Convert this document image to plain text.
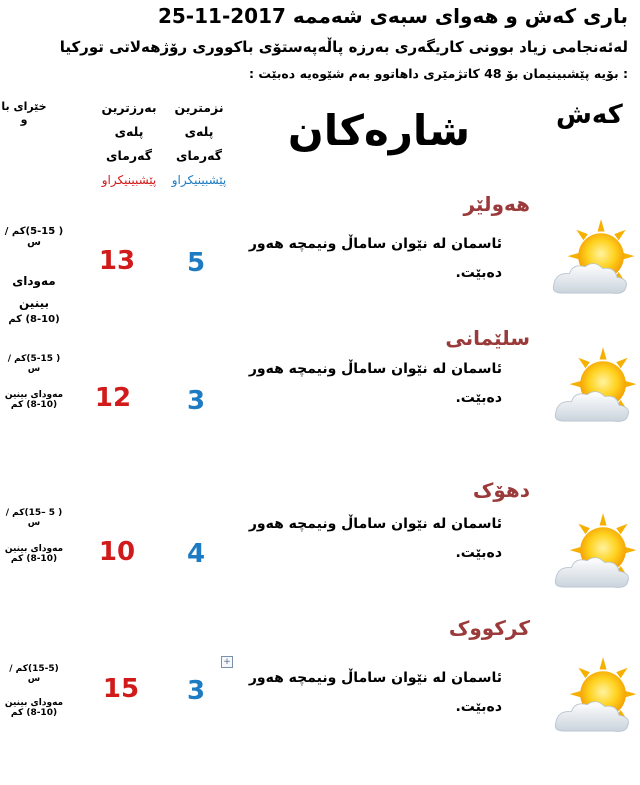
باری کەش و هەوای سبەی شەممە 2017-11-25
لەئەنجامی زیاد بوونی کاریگەری بەرزە پاڵەپەستۆی باکووری رۆژهەلاتی تورکیا
: بۆیە پێشبینیمان بۆ 48 کاتژمێری داهاتوو بەم شێوەیە دەبێت :
کەش
شارەکان
نزمترین
پلەی
گەرمای
پێشبینیکراو
بەرزترین
پلەی
گەرمای
پێشبینیکراو
خێرای با و
هەولێر
ئاسمان لە نێوان ساماڵ ونیمچە هەور
دەبێت.
5
13
( 5-15)کم /س
مەودای
بینین
(8-10) کم
سلێمانی
ئاسمان لە نێوان ساماڵ ونیمچە هەور
دەبێت.
3
12
( 5-15)کم /س
مەودای بینین
(8-10) کم
دهۆک
ئاسمان لە نێوان ساماڵ ونیمچە هەور
دەبێت.
4
10
( 5 –15)کم /س
مەودای بینین
(8-10) کم
کرکووک
+
ئاسمان لە نێوان ساماڵ ونیمچە هەور
دەبێت.
3
15
(15-5)کم /س
مەودای بینین
(8-10) کم
